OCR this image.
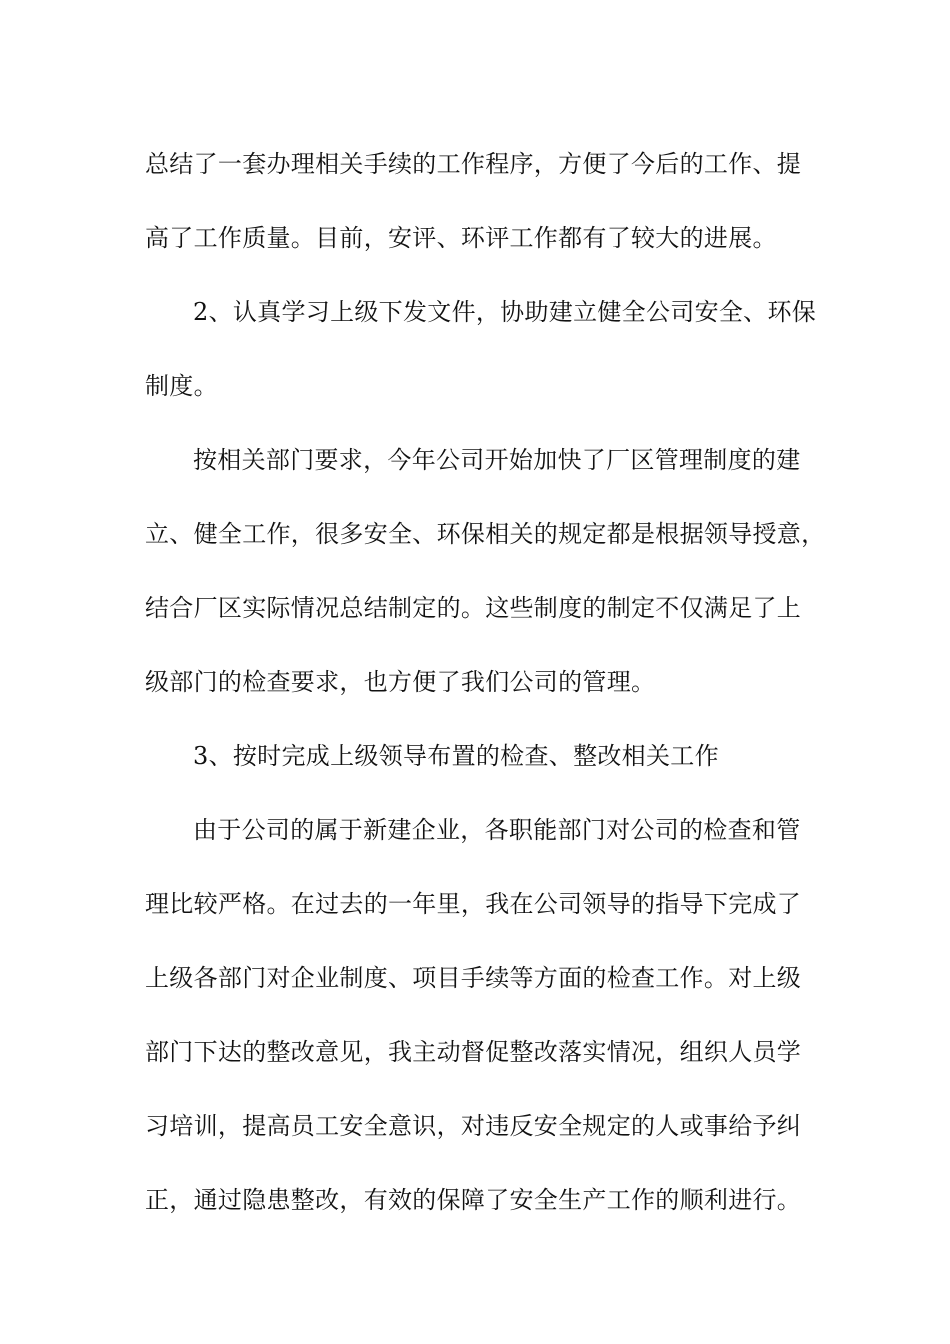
总结了一套办理相关手续的工作程序，方便了今后的工作、提
高了工作质量。目前，安评、环评工作都有了较大的进展。
2、认真学习上级下发文件，协助建立健全公司安全、环保
制度。
按相关部门要求，今年公司开始加快了厂区管理制度的建
立、健全工作，很多安全、环保相关的规定都是根据领导授意，
结合厂区实际情况总结制定的。这些制度的制定不仅满足了上
级部门的检查要求，也方便了我们公司的管理。
3、按时完成上级领导布置的检查、整改相关工作
由于公司的属于新建企业，各职能部门对公司的检查和管
理比较严格。在过去的一年里，我在公司领导的指导下完成了
上级各部门对企业制度、项目手续等方面的检查工作。对上级
部门下达的整改意见，我主动督促整改落实情况，组织人员学
习培训，提高员工安全意识，对违反安全规定的人或事给予纠
正，通过隐患整改，有效的保障了安全生产工作的顺利进行。
